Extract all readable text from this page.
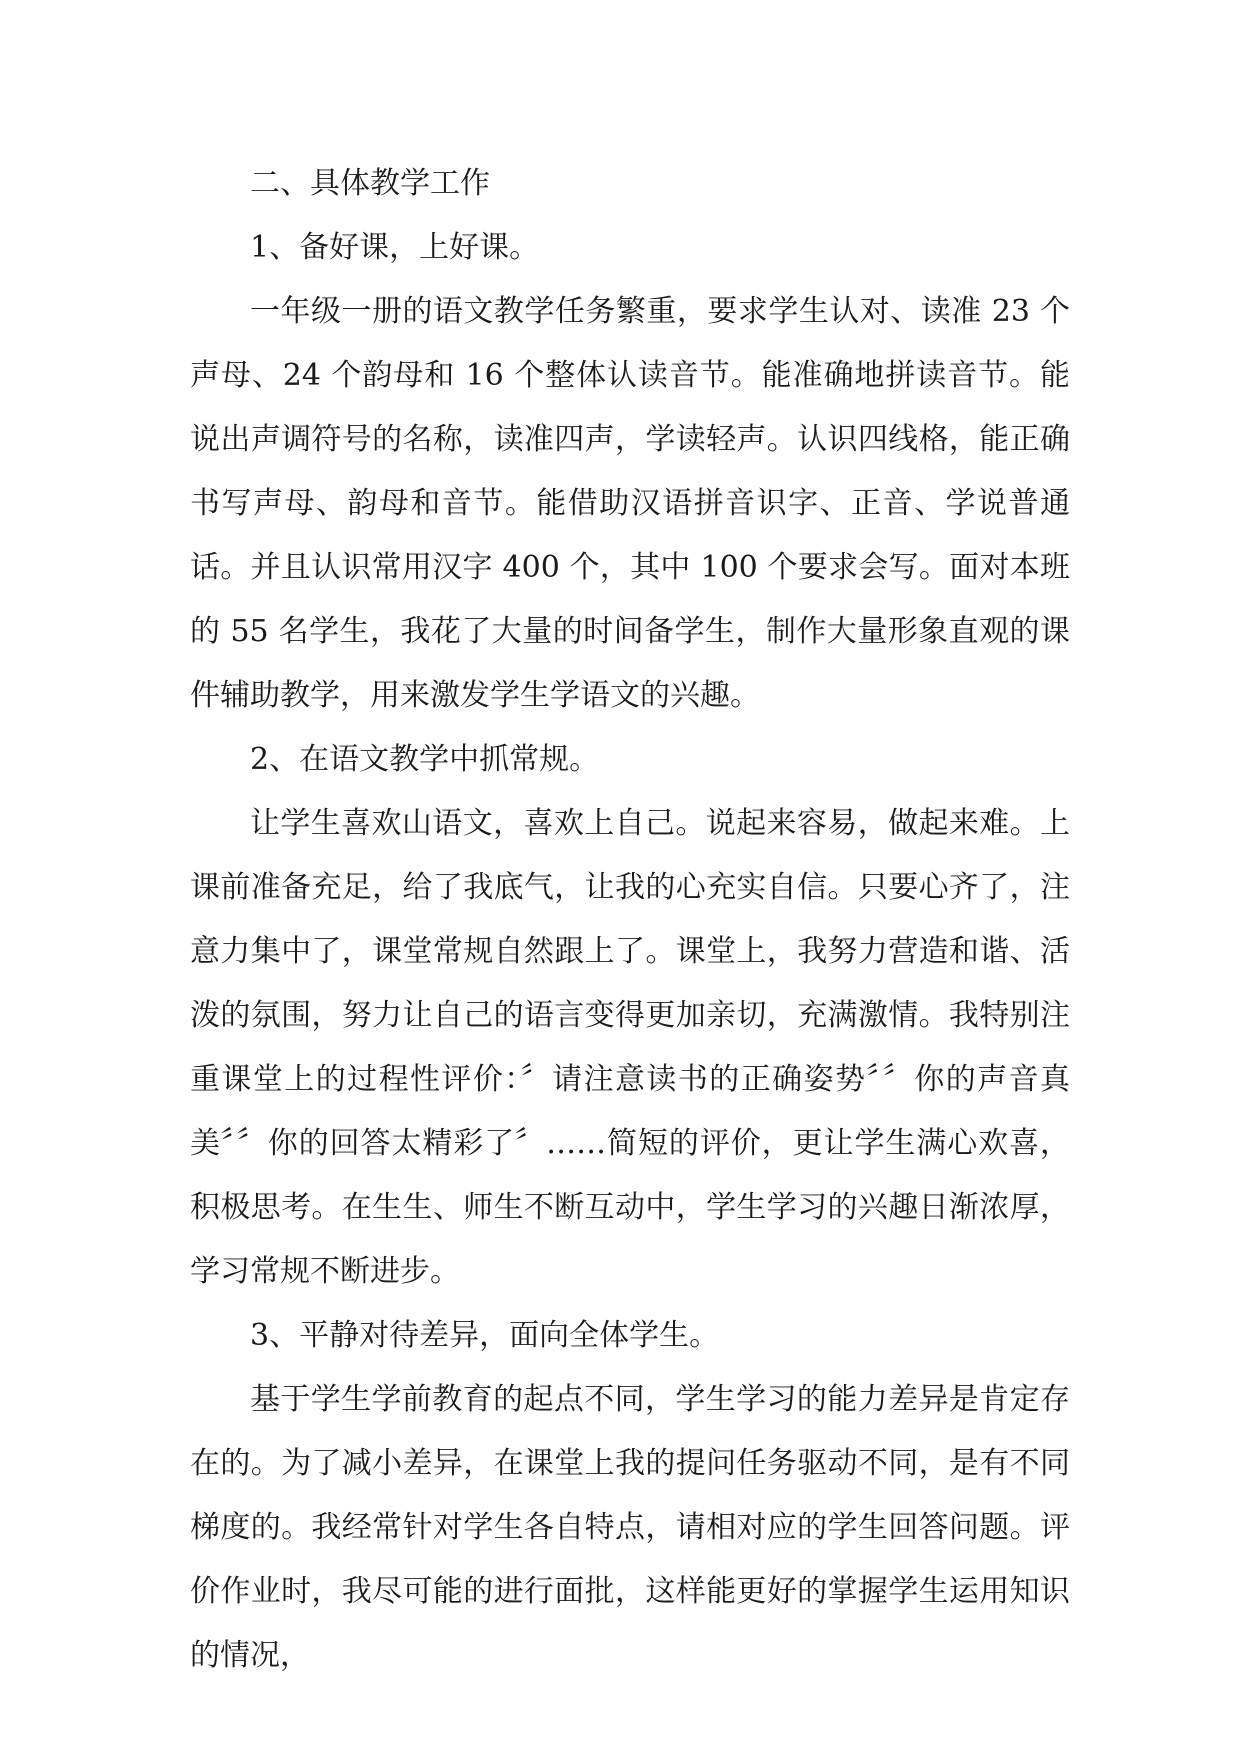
二、具体教学工作

1、备好课，上好课。

一年级一册的语文教学任务繁重，要求学生认对、读准 23 个声母、24 个韵母和 16 个整体认读音节。能准确地拼读音节。能说出声调符号的名称，读准四声，学读轻声。认识四线格，能正确书写声母、韵母和音节。能借助汉语拼音识字、正音、学说普通话。并且认识常用汉字 400 个，其中 100 个要求会写。面对本班的 55 名学生，我花了大量的时间备学生，制作大量形象直观的课件辅助教学，用来激发学生学语文的兴趣。

2、在语文教学中抓常规。

让学生喜欢山语文，喜欢上自己。说起来容易，做起来难。上课前准备充足，给了我底气，让我的心充实自信。只要心齐了，注意力集中了，课堂常规自然跟上了。课堂上，我努力营造和谐、活泼的氛围，努力让自己的语言变得更加亲切，充满激情。我特别注重课堂上的过程性评价：〞请注意读书的正确姿势〞〞你的声音真美〞〞你的回答太精彩了〞……简短的评价，更让学生满心欢喜，积极思考。在生生、师生不断互动中，学生学习的兴趣日渐浓厚，学习常规不断进步。

3、平静对待差异，面向全体学生。

基于学生学前教育的起点不同，学生学习的能力差异是肯定存在的。为了减小差异，在课堂上我的提问任务驱动不同，是有不同梯度的。我经常针对学生各自特点，请相对应的学生回答问题。评价作业时，我尽可能的进行面批，这样能更好的掌握学生运用知识的情况，
